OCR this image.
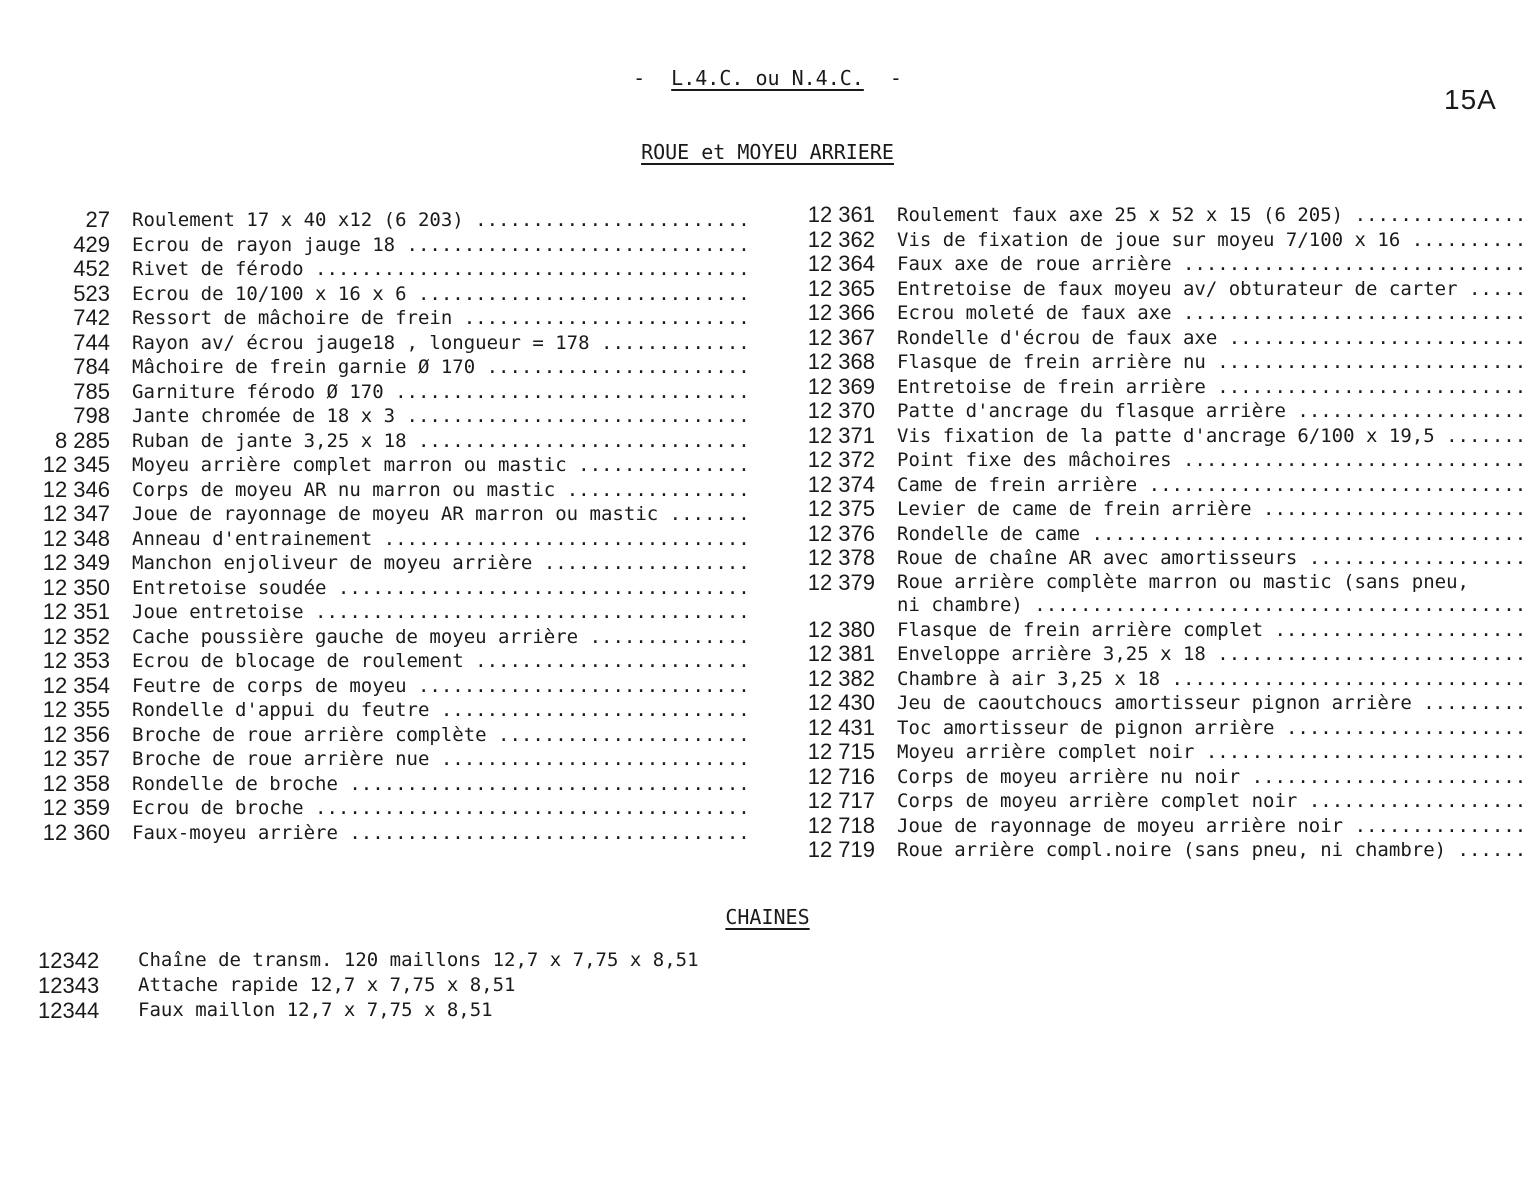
- L.4.C. ou N.4.C. -
15A
ROUE et MOYEU ARRIERE
27 Roulement 17 x 40 x12 (6 203) .....
429 Ecrou de rayon jauge 18 .....
452 Rivet de férodo .....
523 Ecrou de 10/100 x 16 x 6 .....
742 Ressort de mâchoire de frein .....
744 Rayon av/ écrou jauge18 , longueur = 178 .....
784 Mâchoire de frein garnie Ø 170 .....
785 Garniture férodo Ø 170 .....
798 Jante chromée de 18 x 3 .....
8 285 Ruban de jante 3,25 x 18 .....
12 345 Moyeu arrière complet marron ou mastic .....
12 346 Corps de moyeu AR nu marron ou mastic .....
12 347 Joue de rayonnage de moyeu AR marron ou mastic .....
12 348 Anneau d'entrainement .....
12 349 Manchon enjoliveur de moyeu arrière .....
12 350 Entretoise soudée .....
12 351 Joue entretoise .....
12 352 Cache poussière gauche de moyeu arrière .....
12 353 Ecrou de blocage de roulement .....
12 354 Feutre de corps de moyeu .....
12 355 Rondelle d'appui du feutre .....
12 356 Broche de roue arrière complète .....
12 357 Broche de roue arrière nue .....
12 358 Rondelle de broche .....
12 359 Ecrou de broche .....
12 360 Faux-moyeu arrière .....
12 361 Roulement faux axe 25 x 52 x 15 (6 205) .....
12 362 Vis de fixation de joue sur moyeu 7/100 x 16 .....
12 364 Faux axe de roue arrière .....
12 365 Entretoise de faux moyeu av/ obturateur de carter .....
12 366 Ecrou moleté de faux axe .....
12 367 Rondelle d'écrou de faux axe .....
12 368 Flasque de frein arrière nu .....
12 369 Entretoise de frein arrière .....
12 370 Patte d'ancrage du flasque arrière .....
12 371 Vis fixation de la patte d'ancrage 6/100 x 19,5 .....
12 372 Point fixe des mâchoires .....
12 374 Came de frein arrière .....
12 375 Levier de came de frein arrière .....
12 376 Rondelle de came .....
12 378 Roue de chaîne AR avec amortisseurs .....
12 379 Roue arrière complète marron ou mastic (sans pneu,
ni chambre) .....
12 380 Flasque de frein arrière complet .....
12 381 Enveloppe arrière 3,25 x 18 .....
12 382 Chambre à air 3,25 x 18 .....
12 430 Jeu de caoutchoucs amortisseur pignon arrière .....
12 431 Toc amortisseur de pignon arrière .....
12 715 Moyeu arrière complet noir .....
12 716 Corps de moyeu arrière nu noir .....
12 717 Corps de moyeu arrière complet noir .....
12 718 Joue de rayonnage de moyeu arrière noir .....
12 719 Roue arrière compl.noire (sans pneu, ni chambre) .....
CHAINES
12342 Chaîne de transm. 120 maillons 12,7 x 7,75 x 8,51
12343 Attache rapide 12,7 x 7,75 x 8,51
12344 Faux maillon 12,7 x 7,75 x 8,51
